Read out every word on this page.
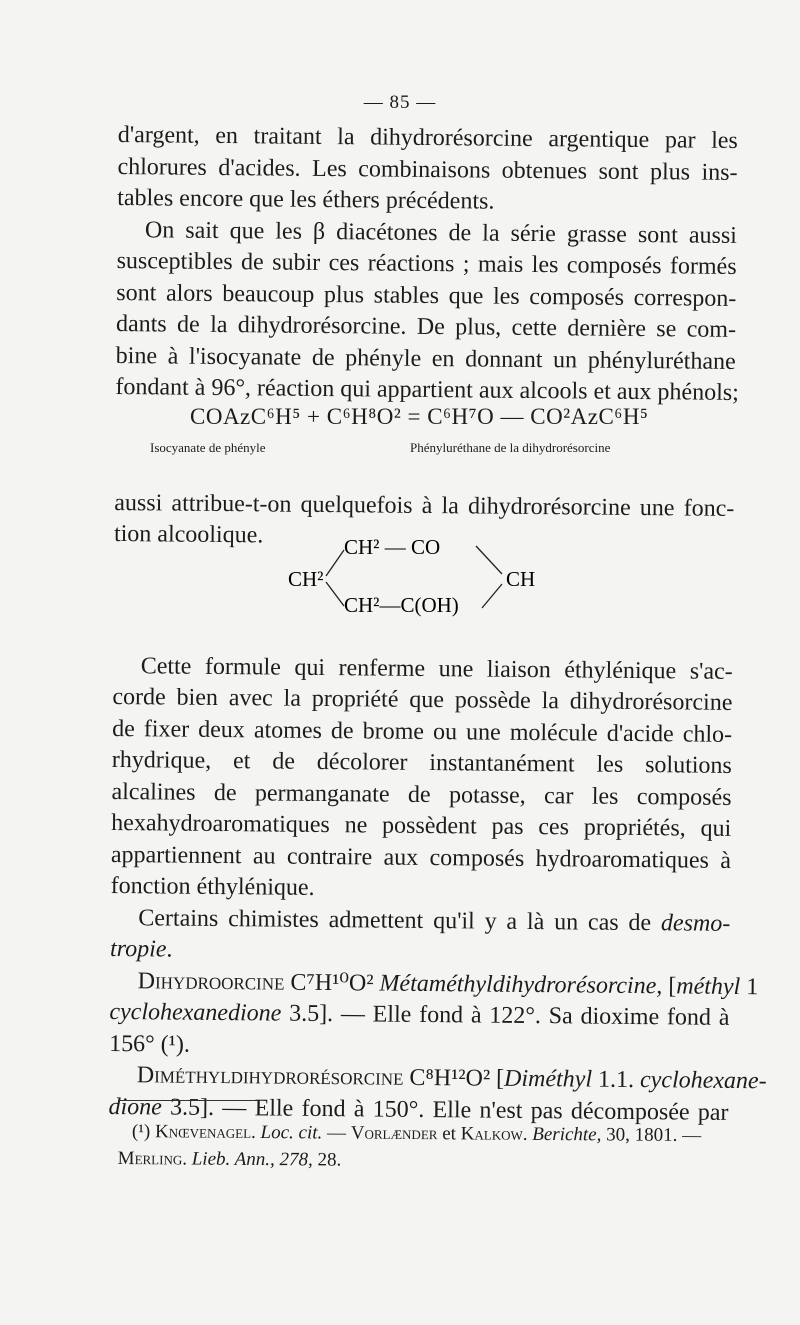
— 85 —
d'argent, en traitant la dihydrorésorcine argentique par les
chlorures d'acides. Les combinaisons obtenues sont plus ins-
tables encore que les éthers précédents.
On sait que les β diacétones de la série grasse sont aussi
susceptibles de subir ces réactions ; mais les composés formés
sont alors beaucoup plus stables que les composés correspon-
dants de la dihydrorésorcine. De plus, cette dernière se com-
bine à l'isocyanate de phényle en donnant un phényluréthane
fondant à 96°, réaction qui appartient aux alcools et aux phénols;
aussi attribue-t-on quelquefois à la dihydrorésorcine une fonc-
tion alcoolique.
Cette formule qui renferme une liaison éthylénique s'ac-
corde bien avec la propriété que possède la dihydrorésorcine
de fixer deux atomes de brome ou une molécule d'acide chlo-
rhydrique, et de décolorer instantanément les solutions
alcalines de permanganate de potasse, car les composés
hexahydroaromatiques ne possèdent pas ces propriétés, qui
appartiennent au contraire aux composés hydroaromatiques à
fonction éthylénique.
Certains chimistes admettent qu'il y a là un cas de desmo-
tropie.
Dihydroorcine C⁷H¹⁰O² Métaméthyldihydrorésorcine, [méthyl 1
cyclohexanedione 3.5]. — Elle fond à 122°. Sa dioxime fond à
156° (¹).
Diméthyldihydrorésorcine C⁸H¹²O² [Diméthyl 1.1. cyclohexane-
dione 3.5]. — Elle fond à 150°. Elle n'est pas décomposée par
COAzC⁶H⁵ + C⁶H⁸O² = C⁶H⁷O — CO²AzC⁶H⁵
Isocyanate de phényle	Phényluréthane de la dihydrorésorcine
CH²
CH² — CO
CH²—C(OH)
CH
(¹) Knœvenagel. Loc. cit. — Vorlænder et Kalkow. Berichte, 30, 1801. —
Merling. Lieb. Ann., 278, 28.
